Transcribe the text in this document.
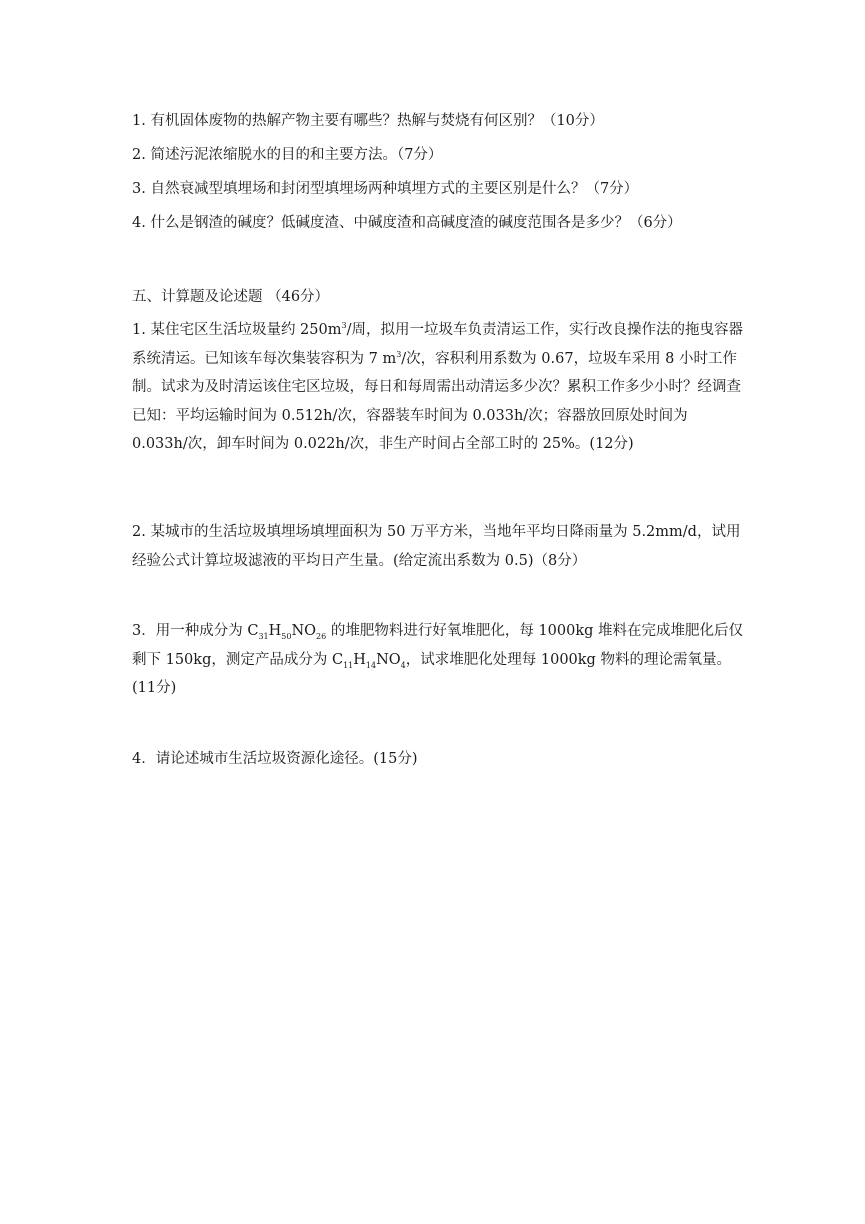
1. 有机固体废物的热解产物主要有哪些？热解与焚烧有何区别？（10分）
2. 简述污泥浓缩脱水的目的和主要方法。（7分）
3. 自然衰减型填埋场和封闭型填埋场两种填埋方式的主要区别是什么？（7分）
4. 什么是钢渣的碱度？低碱度渣、中碱度渣和高碱度渣的碱度范围各是多少？（6分）
五、计算题及论述题 （46分）
1. 某住宅区生活垃圾量约 $250m^3/$周，拟用一垃圾车负责清运工作，实行改良操作法的拖曳容器系统清运。已知该车每次集装容积为 7 $m^3/$次，容积利用系数为 0.67，垃圾车采用 8 小时工作制。试求为及时清运该住宅区垃圾，每日和每周需出动清运多少次？累积工作多少小时？经调查已知：平均运输时间为 0.512h/次，容器装车时间为 0.033h/次；容器放回原处时间为 0.033h/次，卸车时间为 0.022h/次，非生产时间占全部工时的 25%。(12分)
2. 某城市的生活垃圾填埋场填埋面积为 50 万平方米，当地年平均日降雨量为 5.2mm/d，试用经验公式计算垃圾滤液的平均日产生量。(给定流出系数为 0.5)（8分）
3．用一种成分为 $C_{31}H_{50}NO_{26}$ 的堆肥物料进行好氧堆肥化，每 1000kg 堆料在完成堆肥化后仅剩下 150kg，测定产品成分为 $C_{11}H_{14}NO_4$，试求堆肥化处理每 1000kg 物料的理论需氧量。(11分)
4．请论述城市生活垃圾资源化途径。(15分)
